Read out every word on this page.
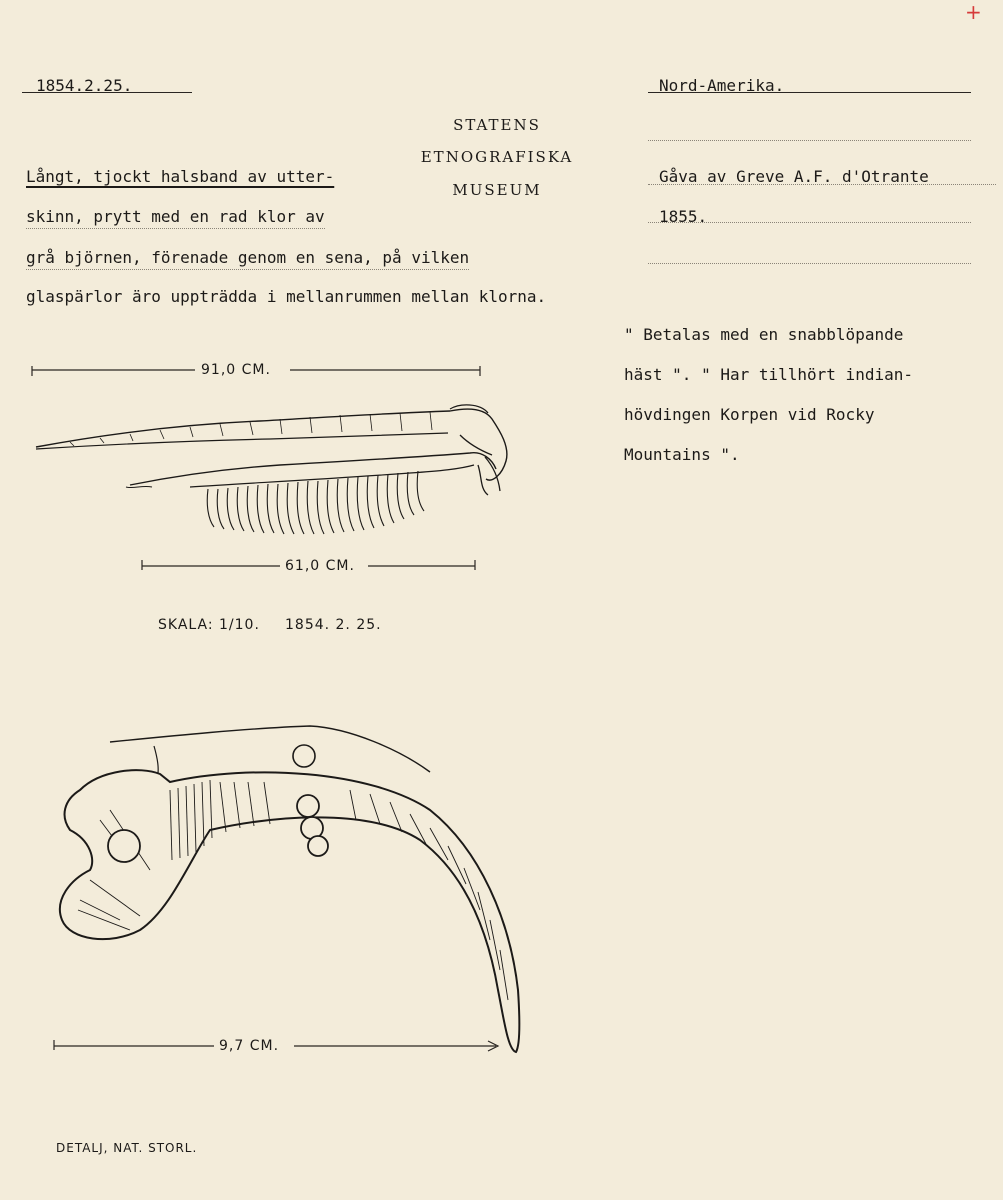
+
1854.2.25.	Nord-Amerika.
STATENS
ETNOGRAFISKA
MUSEUM
Gåva av Greve A.F. d'Otrante
1855.
Långt, tjockt halsband av utter-
skinn, prytt med en rad klor av
grå björnen, förenade genom en sena, på vilken
glaspärlor äro uppträdda i mellanrummen mellan klorna.
" Betalas med en snabblöpande
häst ". " Har tillhört indian-
hövdingen Korpen vid Rocky
Mountains ".
91,0 CM.
61,0 CM.
SKALA: 1/10. 1854. 2. 25.
9,7 CM.
DETALJ, NAT. STORL.
